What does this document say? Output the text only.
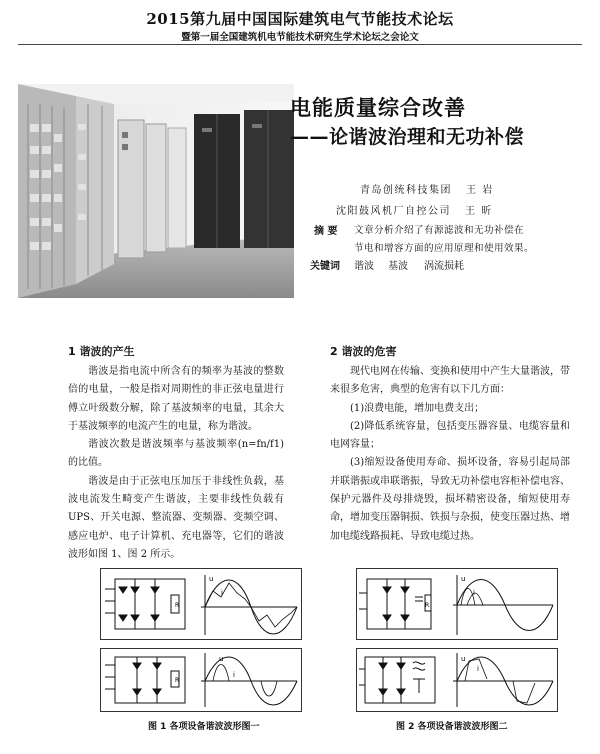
2015第九届中国国际建筑电气节能技术论坛
暨第一届全国建筑机电节能技术研究生学术论坛之会论文
电能质量综合改善
——论谐波治理和无功补偿
青岛创统科技集团 王 岩
沈阳鼓风机厂自控公司 王 昕
摘 要 文章分析介绍了有源滤波和无功补偿在
节电和增容方面的应用原理和使用效果。
关键词 谐波 基波 涡流损耗
1 谐波的产生

谐波是指电流中所含有的频率为基波的整数倍的电量，一般是指对周期性的非正弦电量进行傅立叶级数分解，除了基波频率的电量，其余大于基波频率的电流产生的电量，称为谐波。

谐波次数是谐波频率与基波频率(n=fn/f1)的比值。

谐波是由于正弦电压加压于非线性负载，基波电流发生畸变产生谐波，主要非线性负载有 UPS、开关电源、整流器、变频器、变频空调、感应电炉、电子计算机、充电器等，它们的谐波波形如图 1、图 2 所示。

2 谐波的危害

现代电网在传输、变换和使用中产生大量谐波，带来很多危害，典型的危害有以下几方面：

(1)浪费电能，增加电费支出；

(2)降低系统容量，包括变压器容量、电缆容量和电网容量；

(3)缩短设备使用寿命、损坏设备，容易引起局部并联谐振或串联谐振，导致无功补偿电容柜补偿电容、保护元器件及母排烧毁，损坏精密设备，缩短使用寿命，增加变压器铜损、铁损与杂损，使变压器过热、增加电缆线路损耗、导致电缆过热。

R
u
i
R
u
i
R
u
i
u
i
图 1 各项设备谐波波形图一	图 2 各项设备谐波波形图二
